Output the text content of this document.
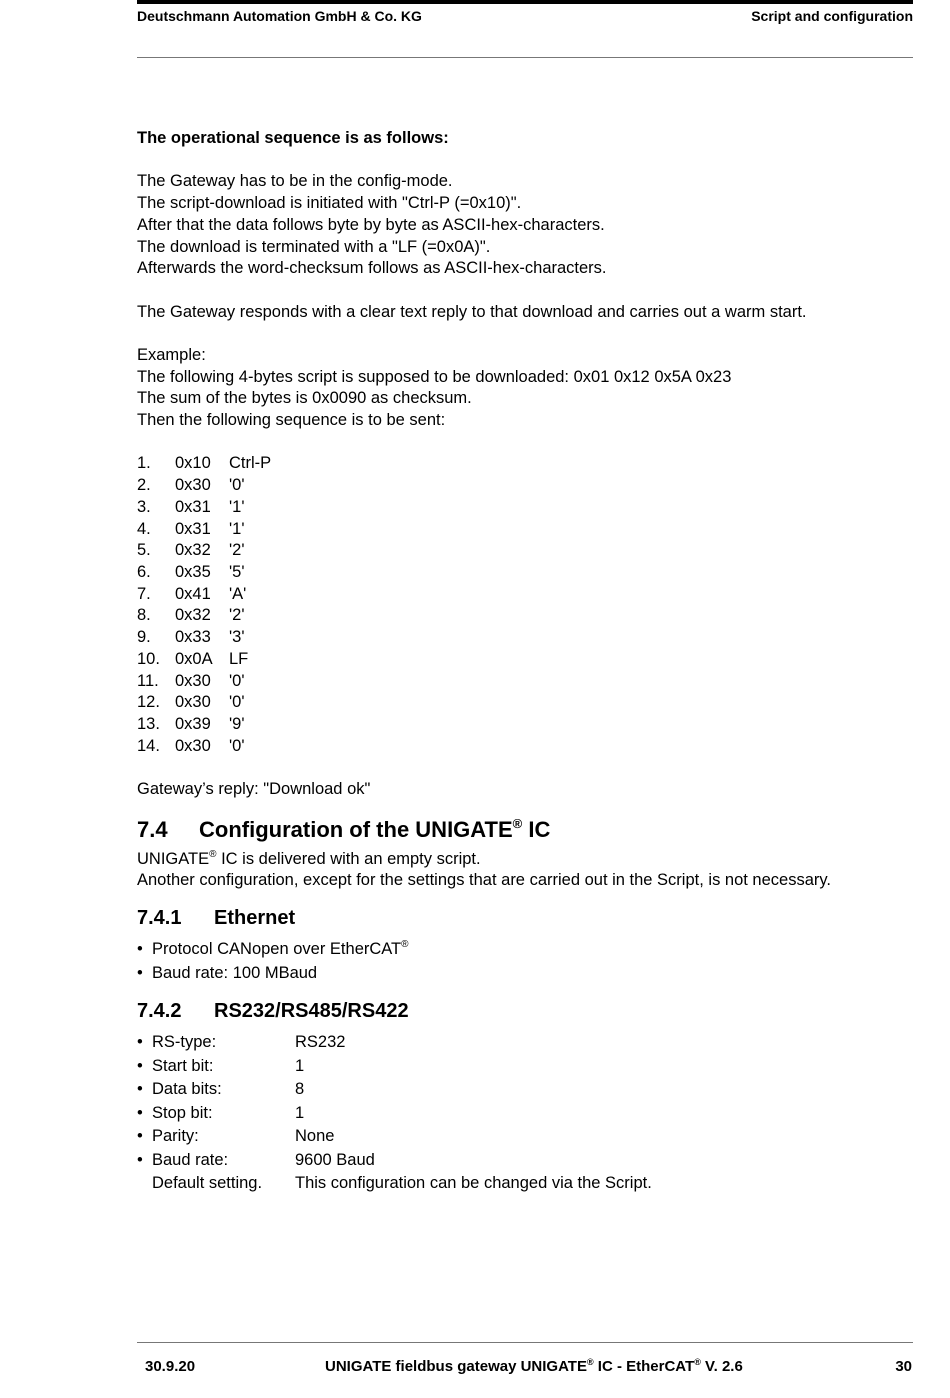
Deutschmann Automation GmbH & Co. KG	Script and configuration

The operational sequence is as follows:

The Gateway has to be in the config-mode.

The script-download is initiated with "Ctrl-P (=0x10)".

After that the data follows byte by byte as ASCII-hex-characters.

The download is terminated with a "LF (=0x0A)".

Afterwards the word-checksum follows as ASCII-hex-characters.

The Gateway responds with a clear text reply to that download and carries out a warm start.

Example:

The following 4-bytes script is supposed to be downloaded: 0x01 0x12 0x5A 0x23

The sum of the bytes is 0x0090 as checksum.

Then the following sequence is to be sent:

1.	0x10	Ctrl-P
2.	0x30	'0'
3.	0x31	'1'
4.	0x31	'1'
5.	0x32	'2'
6.	0x35	'5'
7.	0x41	'A'
8.	0x32	'2'
9.	0x33	'3'
10. 0x0A LF
11. 0x30	'0'
12. 0x30	'0'
13. 0x39	'9'
14. 0x30	'0'

Gateway’s reply: "Download ok"

7.4 Configuration of the UNIGATE® IC

UNIGATE® IC is delivered with an empty script.

Another configuration, except for the settings that are carried out in the Script, is not necessary.

7.4.1 Ethernet
• Protocol CANopen over EtherCAT®
• Baud rate: 100 MBaud
7.4.2 RS232/RS485/RS422
• RS-type:	RS232
• Start bit:	1
• Data bits:	8
• Stop bit:	1
• Parity:	None
• Baud rate:	9600 Baud
Default setting.	This configuration can be changed via the Script.
30.9.20	UNIGATE fieldbus gateway UNIGATE® IC - EtherCAT® V. 2.6	30
